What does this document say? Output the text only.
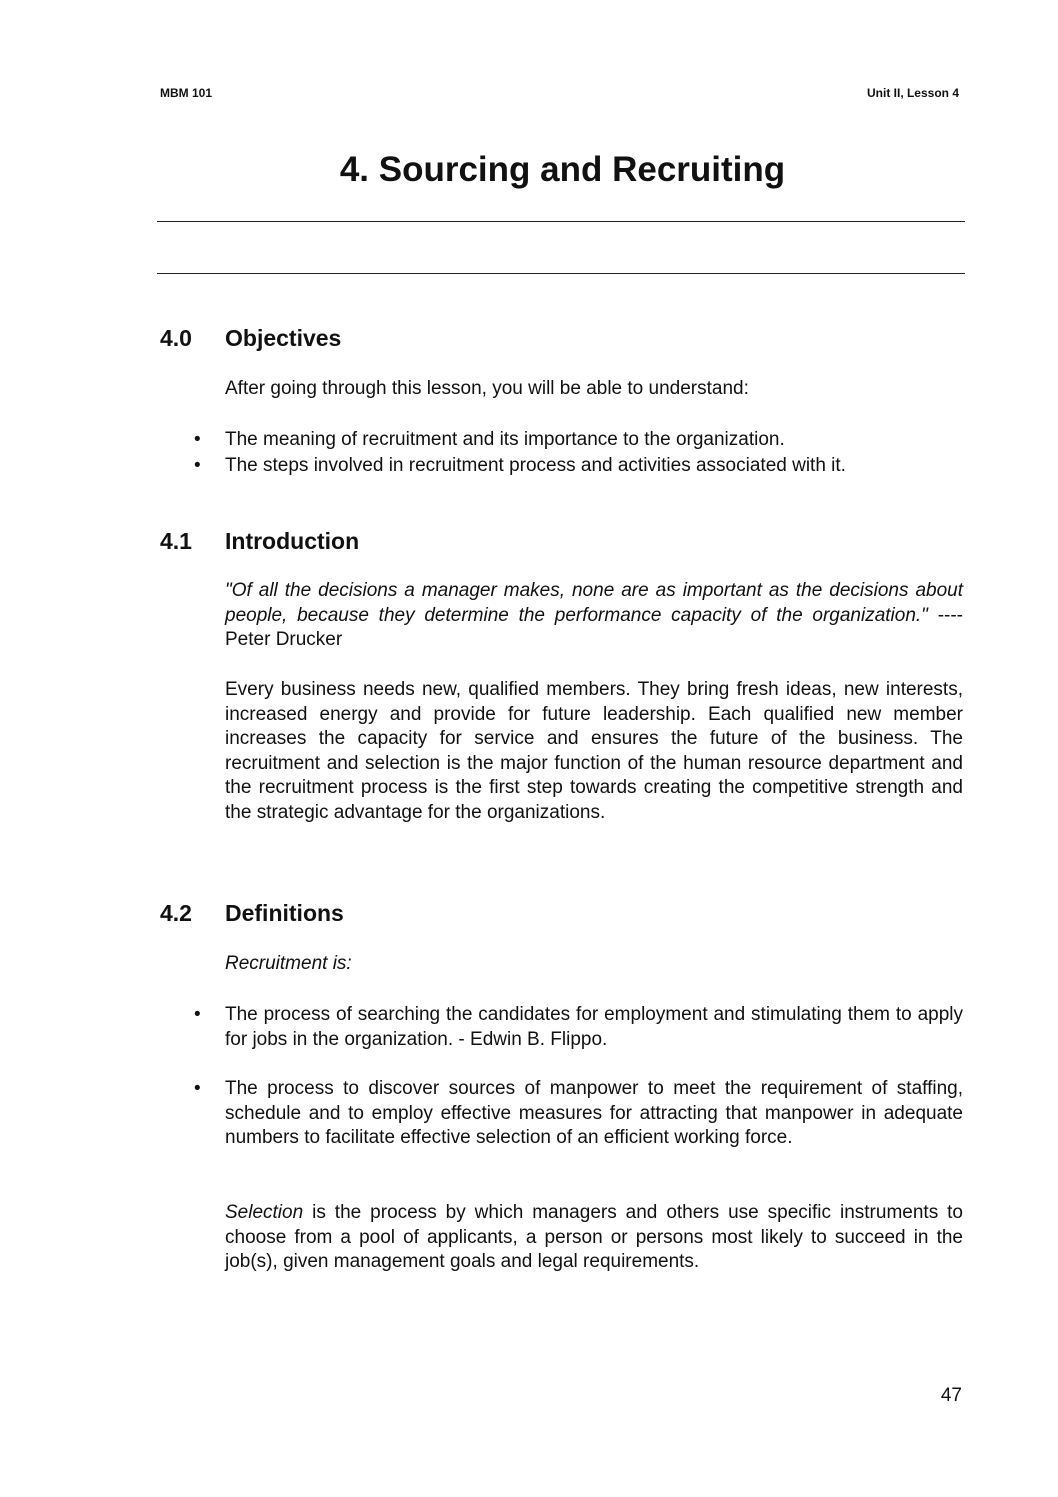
MBM 101	Unit II, Lesson 4
4. Sourcing and Recruiting
4.0 Objectives
After going through this lesson, you will be able to understand:
• The meaning of recruitment and its importance to the organization.
• The steps involved in recruitment process and activities associated with it.
4.1 Introduction
"Of all the decisions a manager makes, none are as important as the decisions about people, because they determine the performance capacity of the organization." ---- Peter Drucker
Every business needs new, qualified members. They bring fresh ideas, new interests, increased energy and provide for future leadership. Each qualified new member increases the capacity for service and ensures the future of the business. The recruitment and selection is the major function of the human resource department and the recruitment process is the first step towards creating the competitive strength and the strategic advantage for the organizations.
4.2 Definitions
Recruitment is:
• The process of searching the candidates for employment and stimulating them to apply for jobs in the organization. - Edwin B. Flippo.
• The process to discover sources of manpower to meet the requirement of staffing, schedule and to employ effective measures for attracting that manpower in adequate numbers to facilitate effective selection of an efficient working force.
Selection is the process by which managers and others use specific instruments to choose from a pool of applicants, a person or persons most likely to succeed in the job(s), given management goals and legal requirements.
47
